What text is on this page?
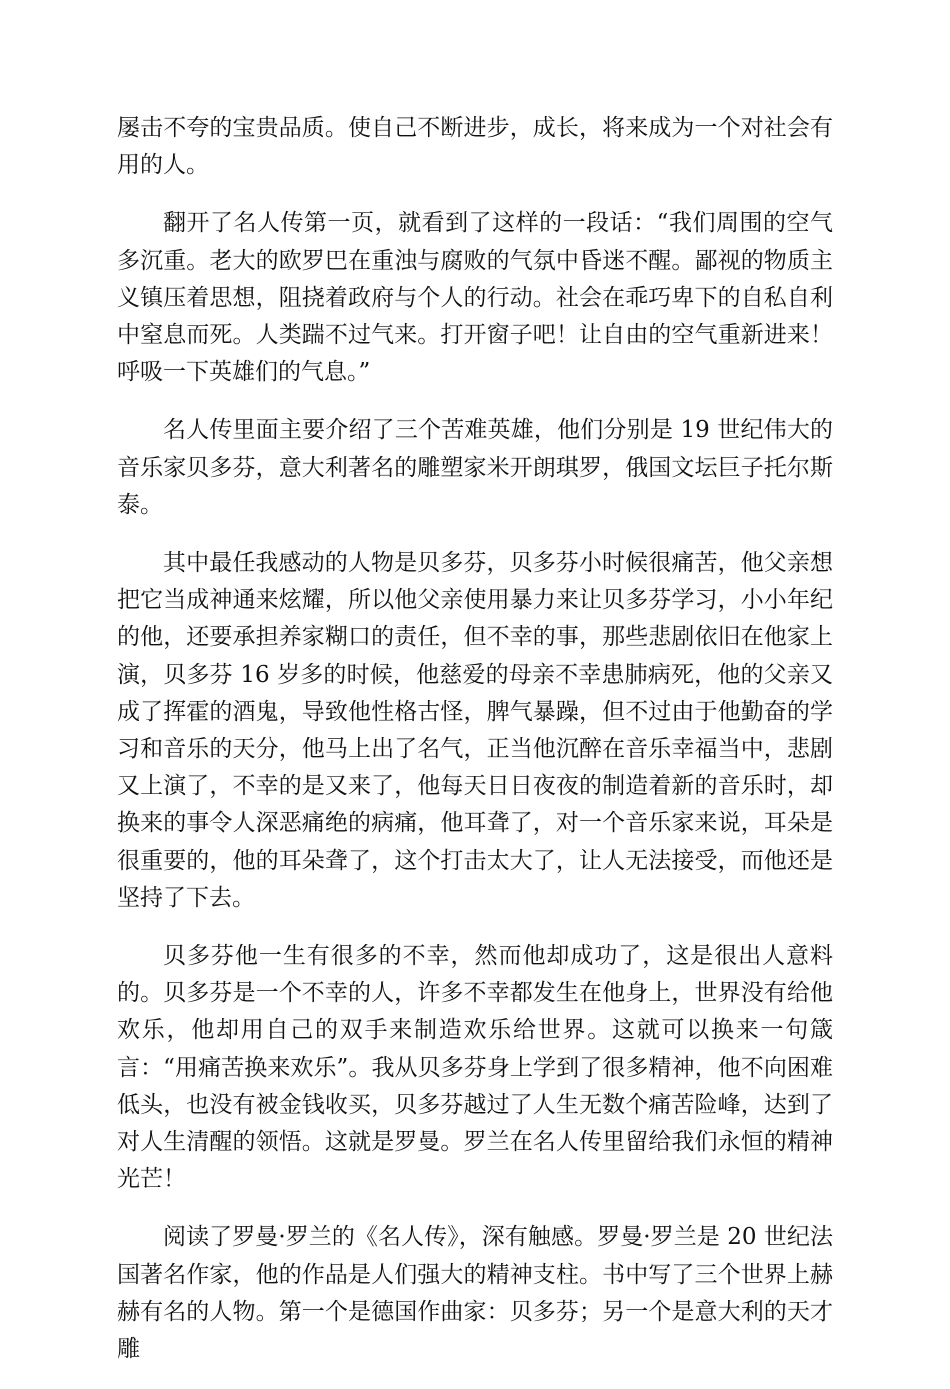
屡击不夸的宝贵品质。使自己不断进步，成长，将来成为一个对社会有用的人。

翻开了名人传第一页，就看到了这样的一段话：“我们周围的空气多沉重。老大的欧罗巴在重浊与腐败的气氛中昏迷不醒。鄙视的物质主义镇压着思想，阻挠着政府与个人的行动。社会在乖巧卑下的自私自利中窒息而死。人类踹不过气来。打开窗子吧！让自由的空气重新进来！呼吸一下英雄们的气息。”

名人传里面主要介绍了三个苦难英雄，他们分别是 19 世纪伟大的音乐家贝多芬，意大利著名的雕塑家米开朗琪罗，俄国文坛巨子托尔斯泰。

其中最任我感动的人物是贝多芬，贝多芬小时候很痛苦，他父亲想把它当成神通来炫耀，所以他父亲使用暴力来让贝多芬学习，小小年纪的他，还要承担养家糊口的责任，但不幸的事，那些悲剧依旧在他家上演，贝多芬 16 岁多的时候，他慈爱的母亲不幸患肺病死，他的父亲又成了挥霍的酒鬼，导致他性格古怪，脾气暴躁，但不过由于他勤奋的学习和音乐的天分，他马上出了名气，正当他沉醉在音乐幸福当中，悲剧又上演了，不幸的是又来了，他每天日日夜夜的制造着新的音乐时，却换来的事令人深恶痛绝的病痛，他耳聋了，对一个音乐家来说，耳朵是很重要的，他的耳朵聋了，这个打击太大了，让人无法接受，而他还是坚持了下去。

贝多芬他一生有很多的不幸，然而他却成功了，这是很出人意料的。贝多芬是一个不幸的人，许多不幸都发生在他身上，世界没有给他欢乐，他却用自己的双手来制造欢乐给世界。这就可以换来一句箴言：“用痛苦换来欢乐”。我从贝多芬身上学到了很多精神，他不向困难低头，也没有被金钱收买，贝多芬越过了人生无数个痛苦险峰，达到了对人生清醒的领悟。这就是罗曼。罗兰在名人传里留给我们永恒的精神光芒！

阅读了罗曼·罗兰的《名人传》，深有触感。罗曼·罗兰是 20 世纪法国著名作家，他的作品是人们强大的精神支柱。书中写了三个世界上赫赫有名的人物。第一个是德国作曲家：贝多芬；另一个是意大利的天才雕
